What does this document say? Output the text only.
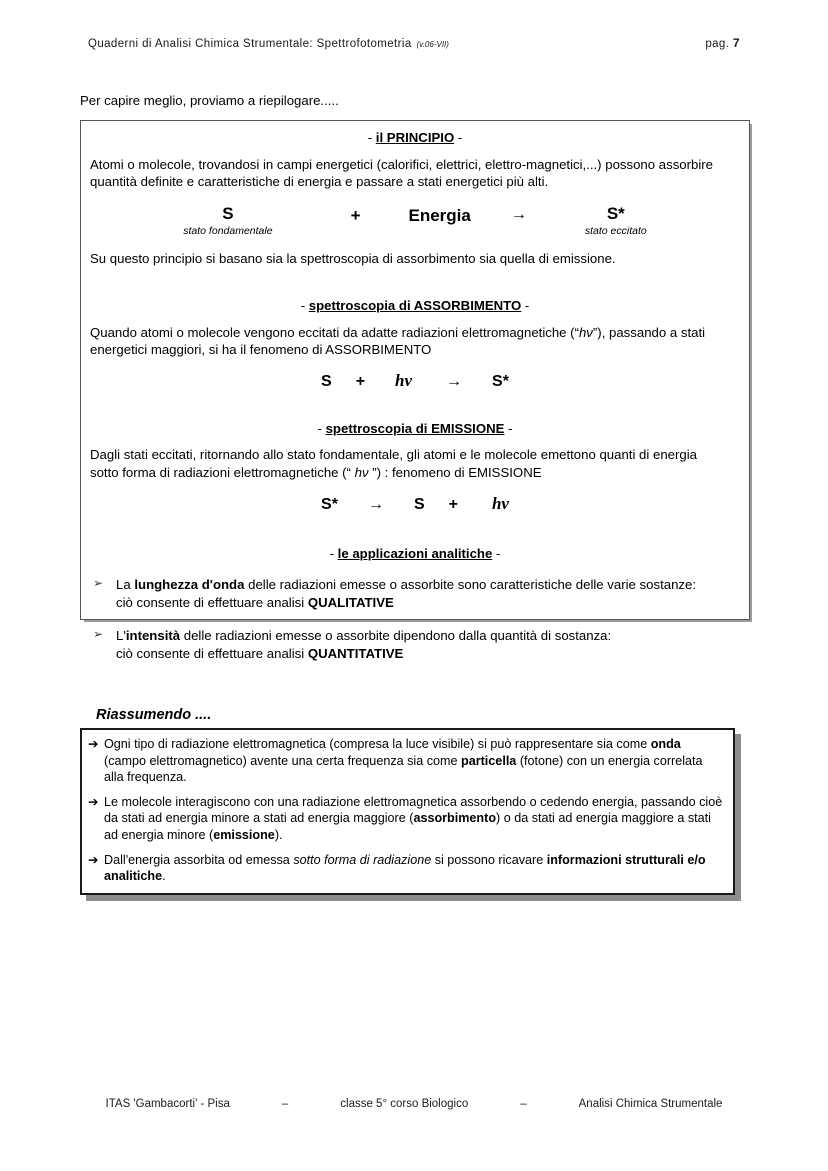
Quaderni di Analisi Chimica Strumentale: Spettrofotometria (v.06-VII)	pag. 7
Per capire meglio, proviamo a riepilogare.....

- il PRINCIPIO -

Atomi o molecole, trovandosi in campi energetici (calorifici, elettrici, elettro-magnetici,...) possono assorbire
quantità definite e caratteristiche di energia e passare a stati energetici più alti.

S
stato fondamentale
+	Energia	→	S*
stato eccitato

Su questo principio si basano sia la spettroscopia di assorbimento sia quella di emissione.

- spettroscopia di ASSORBIMENTO -

Quando atomi o molecole vengono eccitati da adatte radiazioni elettromagnetiche (“hν”), passando a stati
energetici maggiori, si ha il fenomeno di ASSORBIMENTO

S + hν → S*

- spettroscopia di EMISSIONE -

Dagli stati eccitati, ritornando allo stato fondamentale, gli atomi e le molecole emettono quanti di energia
sotto forma di radiazioni elettromagnetiche (“ hν ”) : fenomeno di EMISSIONE

S* → S + hν

- le applicazioni analitiche -

➢ La lunghezza d'onda delle radiazioni emesse o assorbite sono caratteristiche delle varie sostanze:
ciò consente di effettuare analisi QUALITATIVE
➢ L'intensità delle radiazioni emesse o assorbite dipendono dalla quantità di sostanza:
ciò consente di effettuare analisi QUANTITATIVE
Riassumendo ....
➔ Ogni tipo di radiazione elettromagnetica (compresa la luce visibile) si può rappresentare sia come onda (campo elettromagnetico) avente una certa frequenza sia come particella (fotone) con un energia correlata alla frequenza.
➔ Le molecole interagiscono con una radiazione elettromagnetica assorbendo o cedendo energia, passando cioè da stati ad energia minore a stati ad energia maggiore (assorbimento) o da stati ad energia maggiore a stati ad energia minore (emissione).
➔ Dall'energia assorbita od emessa sotto forma di radiazione si possono ricavare informazioni strutturali e/o analitiche.
ITAS 'Gambacorti' - Pisa	–	classe 5° corso Biologico	–	Analisi Chimica Strumentale
